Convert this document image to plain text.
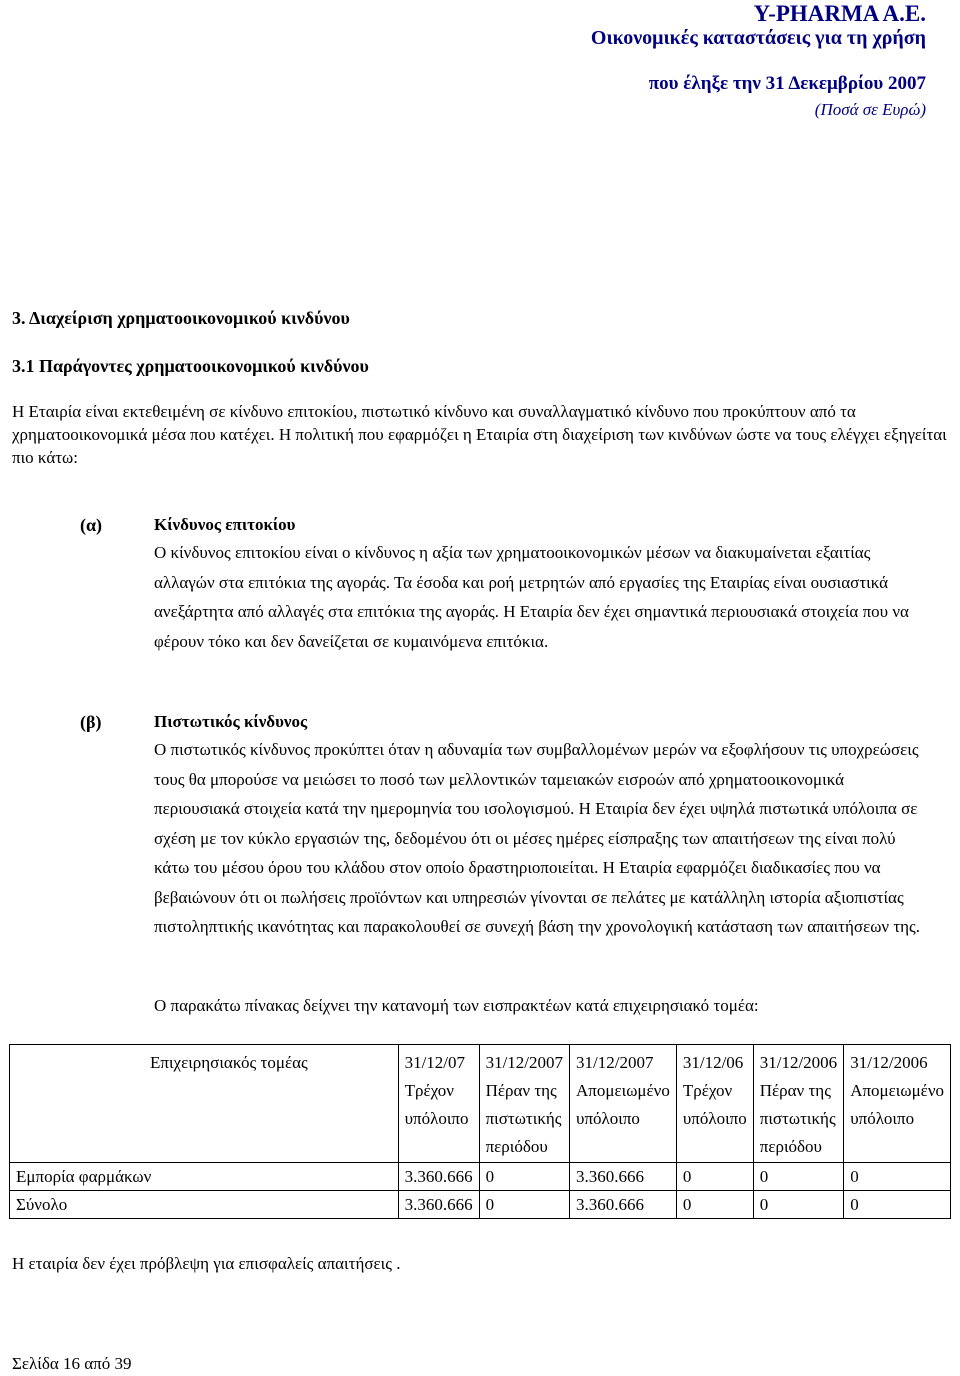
Υ-PHARMA A.E.
Οικονομικές καταστάσεις για τη χρήση
που έληξε την 31 Δεκεμβρίου 2007
(Ποσά σε Ευρώ)
3. Διαχείριση χρηματοοικονομικού κινδύνου
3.1 Παράγοντες χρηματοοικονομικού κινδύνου
Η Εταιρία είναι εκτεθειμένη σε κίνδυνο επιτοκίου, πιστωτικό κίνδυνο και συναλλαγματικό κίνδυνο που προκύπτουν από τα χρηματοοικονομικά μέσα που κατέχει. Η πολιτική που εφαρμόζει η Εταιρία στη διαχείριση των κινδύνων ώστε να τους ελέγχει εξηγείται πιο κάτω:
(α)	Κίνδυνος επιτοκίου
Ο κίνδυνος επιτοκίου είναι ο κίνδυνος η αξία των χρηματοοικονομικών μέσων να διακυμαίνεται εξαιτίας αλλαγών στα επιτόκια της αγοράς. Τα έσοδα και ροή μετρητών από εργασίες της Εταιρίας είναι ουσιαστικά ανεξάρτητα από αλλαγές στα επιτόκια της αγοράς. Η Εταιρία δεν έχει σημαντικά περιουσιακά στοιχεία που να φέρουν τόκο και δεν δανείζεται σε κυμαινόμενα επιτόκια.
(β)	Πιστωτικός κίνδυνος
Ο πιστωτικός κίνδυνος προκύπτει όταν η αδυναμία των συμβαλλομένων μερών να εξοφλήσουν τις υποχρεώσεις τους θα μπορούσε να μειώσει το ποσό των μελλοντικών ταμειακών εισροών από χρηματοοικονομικά περιουσιακά στοιχεία κατά την ημερομηνία του ισολογισμού. Η Εταιρία δεν έχει υψηλά πιστωτικά υπόλοιπα σε σχέση με τον κύκλο εργασιών της, δεδομένου ότι οι μέσες ημέρες είσπραξης των απαιτήσεων της είναι πολύ κάτω του μέσου όρου του κλάδου στον οποίο δραστηριοποιείται. Η Εταιρία εφαρμόζει διαδικασίες που να βεβαιώνουν ότι οι πωλήσεις προϊόντων και υπηρεσιών γίνονται σε πελάτες με κατάλληλη ιστορία αξιοπιστίας πιστοληπτικής ικανότητας και παρακολουθεί σε συνεχή βάση την χρονολογική κατάσταση των απαιτήσεων της.
Ο παρακάτω πίνακας δείχνει την κατανομή των εισπρακτέων κατά επιχειρησιακό τομέα:
Επιχειρησιακός τομέας	31/12/07 Τρέχον υπόλοιπο	31/12/2007 Πέραν της πιστωτικής περιόδου	31/12/2007 Απομειωμένο υπόλοιπο	31/12/06 Τρέχον υπόλοιπο	31/12/2006 Πέραν της πιστωτικής περιόδου	31/12/2006 Απομειωμένο υπόλοιπο
Εμπορία φαρμάκων	3.360.666	0	3.360.666	0	0	0
Σύνολο	3.360.666	0	3.360.666	0	0	0
Η εταιρία δεν έχει πρόβλεψη για επισφαλείς απαιτήσεις .
Σελίδα 16 από 39
